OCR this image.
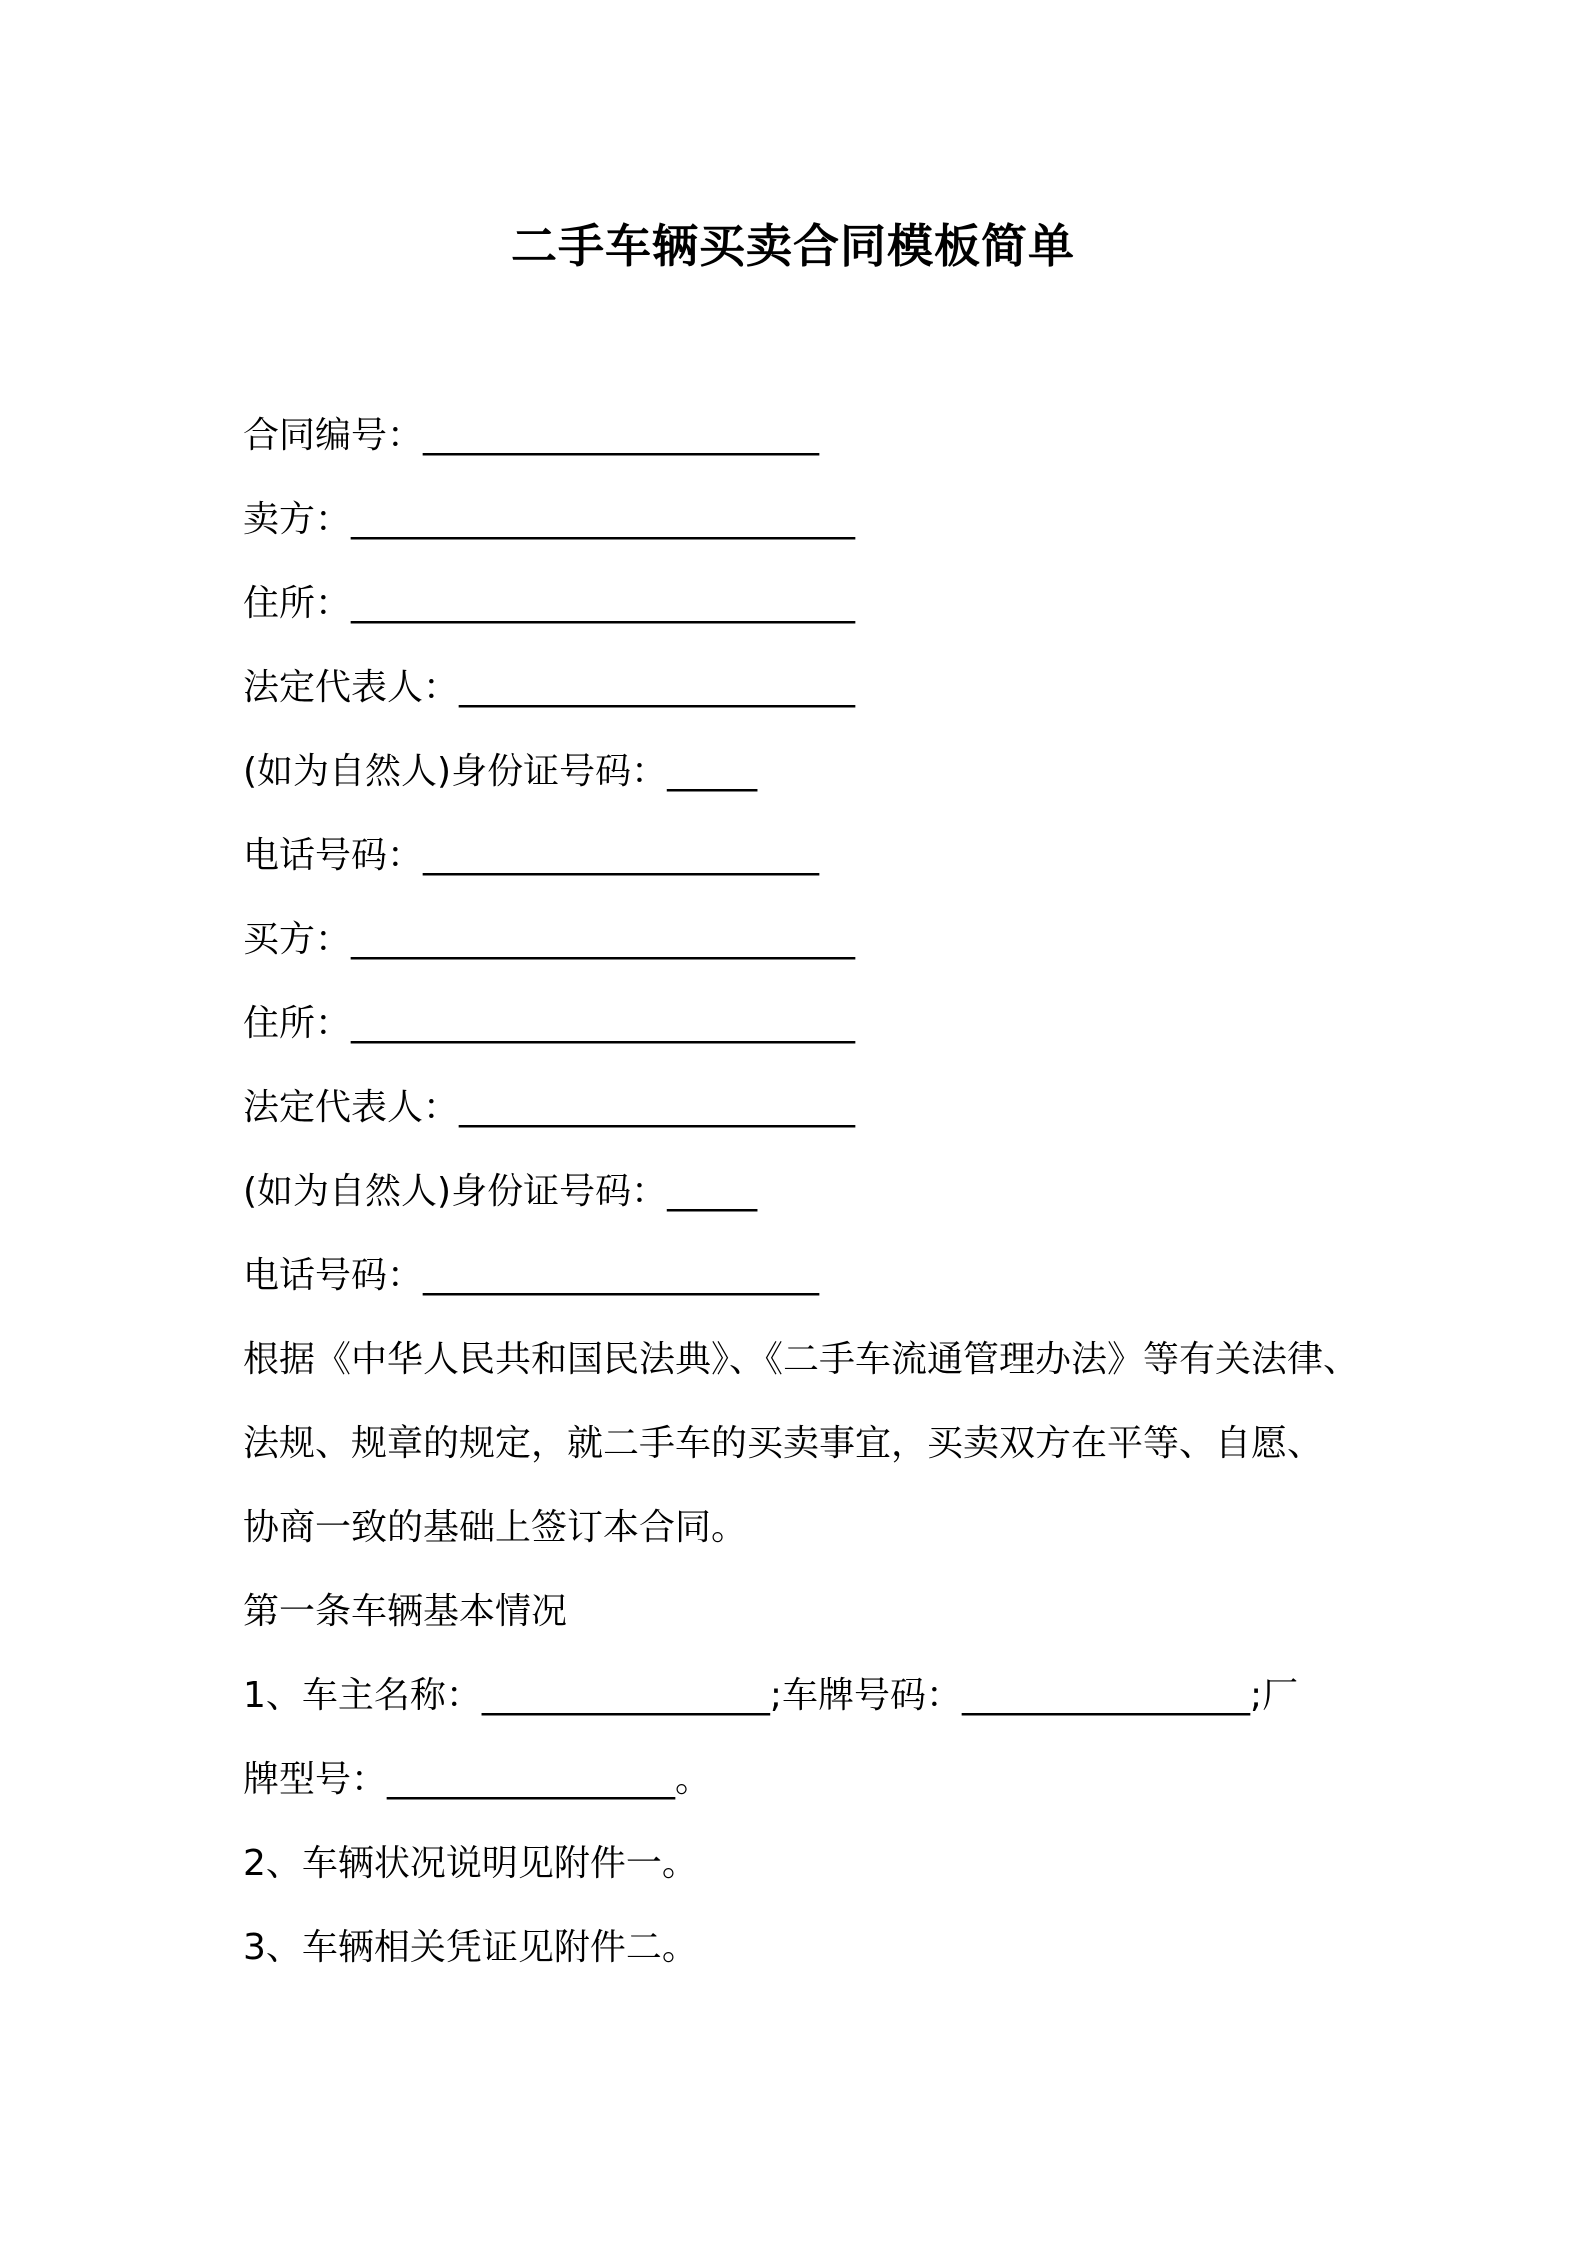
二手车辆买卖合同模板简单

合同编号：______________________

卖方：____________________________

住所：____________________________

法定代表人：______________________

(如为自然人)身份证号码：_____

电话号码：______________________

买方：____________________________

住所：____________________________

法定代表人：______________________

(如为自然人)身份证号码：_____

电话号码：______________________

根据《中华人民共和国民法典》、《二手车流通管理办法》等有关法律、

法规、规章的规定，就二手车的买卖事宜，买卖双方在平等、自愿、

协商一致的基础上签订本合同。

第一条车辆基本情况

1、车主名称：________________;车牌号码：________________;厂

牌型号：________________。

2、车辆状况说明见附件一。

3、车辆相关凭证见附件二。
